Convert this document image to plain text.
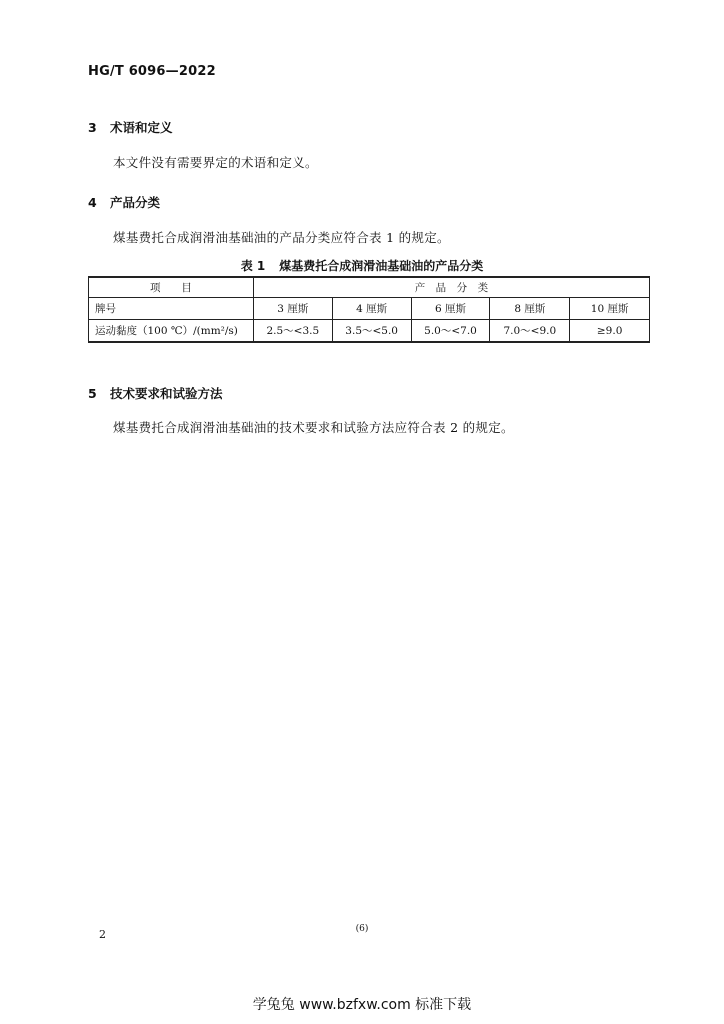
HG/T 6096—2022
3 术语和定义
本文件没有需要界定的术语和定义。
4 产品分类
煤基费托合成润滑油基础油的产品分类应符合表 1 的规定。
表 1 煤基费托合成润滑油基础油的产品分类
项　　目	产　品　分　类				
牌号	3 厘斯	4 厘斯	6 厘斯	8 厘斯	10 厘斯
运动黏度（100 ℃）/(mm²/s)	2.5～<3.5	3.5～<5.0	5.0～<7.0	7.0～<9.0	≥9.0
5 技术要求和试验方法
煤基费托合成润滑油基础油的技术要求和试验方法应符合表 2 的规定。
2	(6)
学兔兔 www.bzfxw.com 标准下载
